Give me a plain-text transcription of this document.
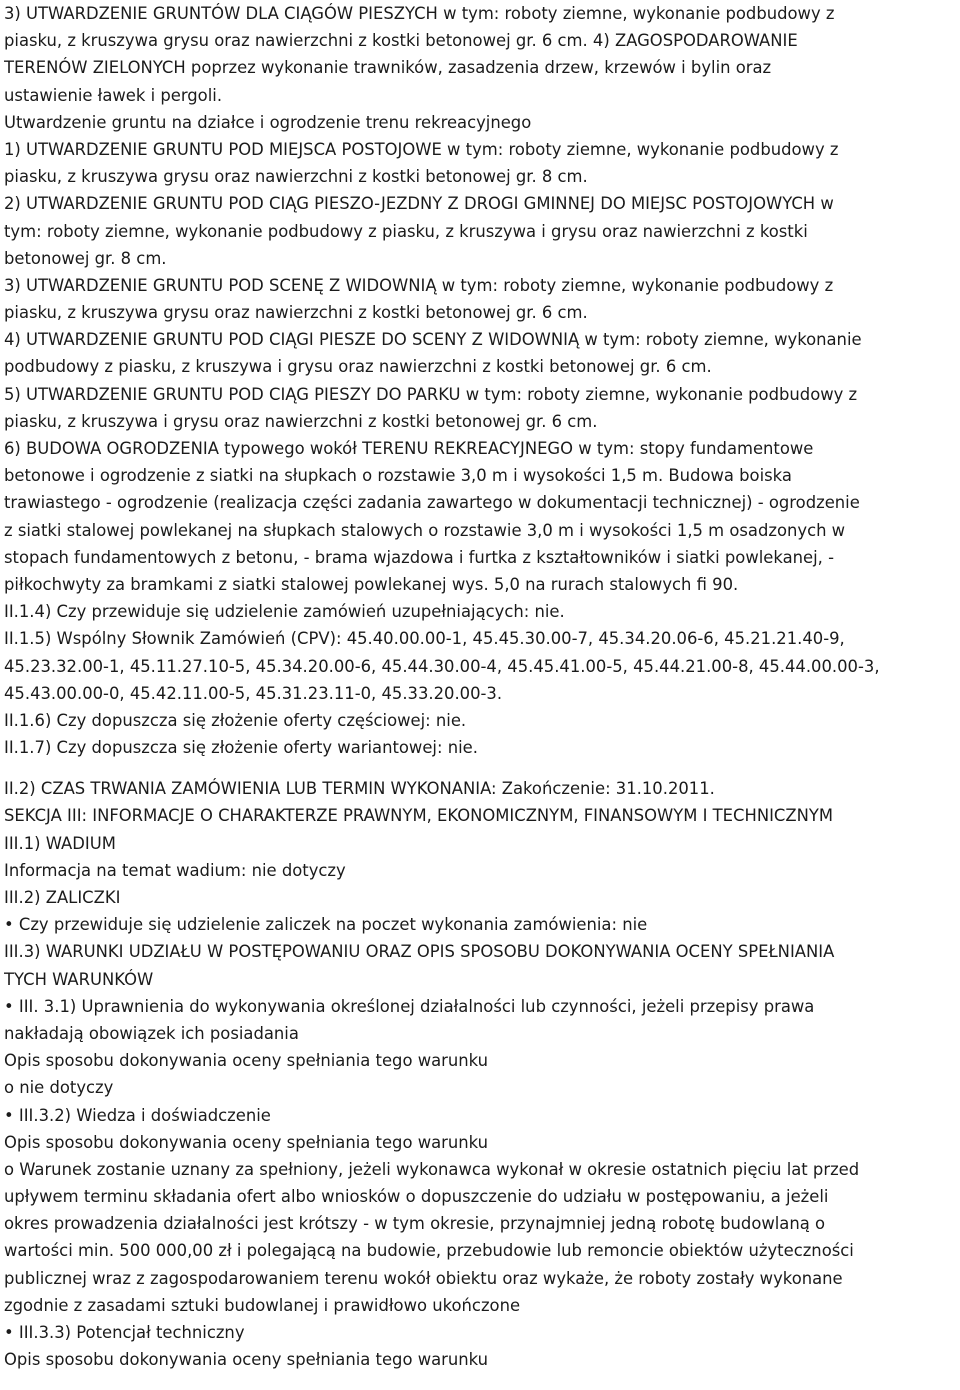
3) UTWARDZENIE GRUNTÓW DLA CIĄGÓW PIESZYCH w tym: roboty ziemne, wykonanie podbudowy z
piasku, z kruszywa grysu oraz nawierzchni z kostki betonowej gr. 6 cm. 4) ZAGOSPODAROWANIE
TERENÓW ZIELONYCH poprzez wykonanie trawników, zasadzenia drzew, krzewów i bylin oraz
ustawienie ławek i pergoli.
Utwardzenie gruntu na działce i ogrodzenie trenu rekreacyjnego
1) UTWARDZENIE GRUNTU POD MIEJSCA POSTOJOWE w tym: roboty ziemne, wykonanie podbudowy z
piasku, z kruszywa grysu oraz nawierzchni z kostki betonowej gr. 8 cm.
2) UTWARDZENIE GRUNTU POD CIĄG PIESZO-JEZDNY Z DROGI GMINNEJ DO MIEJSC POSTOJOWYCH w
tym: roboty ziemne, wykonanie podbudowy z piasku, z kruszywa i grysu oraz nawierzchni z kostki
betonowej gr. 8 cm.
3) UTWARDZENIE GRUNTU POD SCENĘ Z WIDOWNIĄ w tym: roboty ziemne, wykonanie podbudowy z
piasku, z kruszywa grysu oraz nawierzchni z kostki betonowej gr. 6 cm.
4) UTWARDZENIE GRUNTU POD CIĄGI PIESZE DO SCENY Z WIDOWNIĄ w tym: roboty ziemne, wykonanie
podbudowy z piasku, z kruszywa i grysu oraz nawierzchni z kostki betonowej gr. 6 cm.
5) UTWARDZENIE GRUNTU POD CIĄG PIESZY DO PARKU w tym: roboty ziemne, wykonanie podbudowy z
piasku, z kruszywa i grysu oraz nawierzchni z kostki betonowej gr. 6 cm.
6) BUDOWA OGRODZENIA typowego wokół TERENU REKREACYJNEGO w tym: stopy fundamentowe
betonowe i ogrodzenie z siatki na słupkach o rozstawie 3,0 m i wysokości 1,5 m. Budowa boiska
trawiastego - ogrodzenie (realizacja części zadania zawartego w dokumentacji technicznej) - ogrodzenie
z siatki stalowej powlekanej na słupkach stalowych o rozstawie 3,0 m i wysokości 1,5 m osadzonych w
stopach fundamentowych z betonu, - brama wjazdowa i furtka z kształtowników i siatki powlekanej, -
piłkochwyty za bramkami z siatki stalowej powlekanej wys. 5,0 na rurach stalowych fi 90.
II.1.4) Czy przewiduje się udzielenie zamówień uzupełniających: nie.
II.1.5) Wspólny Słownik Zamówień (CPV): 45.40.00.00-1, 45.45.30.00-7, 45.34.20.06-6, 45.21.21.40-9,
45.23.32.00-1, 45.11.27.10-5, 45.34.20.00-6, 45.44.30.00-4, 45.45.41.00-5, 45.44.21.00-8, 45.44.00.00-3,
45.43.00.00-0, 45.42.11.00-5, 45.31.23.11-0, 45.33.20.00-3.
II.1.6) Czy dopuszcza się złożenie oferty częściowej: nie.
II.1.7) Czy dopuszcza się złożenie oferty wariantowej: nie.
II.2) CZAS TRWANIA ZAMÓWIENIA LUB TERMIN WYKONANIA: Zakończenie: 31.10.2011.
SEKCJA III: INFORMACJE O CHARAKTERZE PRAWNYM, EKONOMICZNYM, FINANSOWYM I TECHNICZNYM
III.1) WADIUM
Informacja na temat wadium: nie dotyczy
III.2) ZALICZKI
• Czy przewiduje się udzielenie zaliczek na poczet wykonania zamówienia: nie
III.3) WARUNKI UDZIAŁU W POSTĘPOWANIU ORAZ OPIS SPOSOBU DOKONYWANIA OCENY SPEŁNIANIA
TYCH WARUNKÓW
• III. 3.1) Uprawnienia do wykonywania określonej działalności lub czynności, jeżeli przepisy prawa
nakładają obowiązek ich posiadania
Opis sposobu dokonywania oceny spełniania tego warunku
o nie dotyczy
• III.3.2) Wiedza i doświadczenie
Opis sposobu dokonywania oceny spełniania tego warunku
o Warunek zostanie uznany za spełniony, jeżeli wykonawca wykonał w okresie ostatnich pięciu lat przed
upływem terminu składania ofert albo wniosków o dopuszczenie do udziału w postępowaniu, a jeżeli
okres prowadzenia działalności jest krótszy - w tym okresie, przynajmniej jedną robotę budowlaną o
wartości min. 500 000,00 zł i polegającą na budowie, przebudowie lub remoncie obiektów użyteczności
publicznej wraz z zagospodarowaniem terenu wokół obiektu oraz wykaże, że roboty zostały wykonane
zgodnie z zasadami sztuki budowlanej i prawidłowo ukończone
• III.3.3) Potencjał techniczny
Opis sposobu dokonywania oceny spełniania tego warunku
